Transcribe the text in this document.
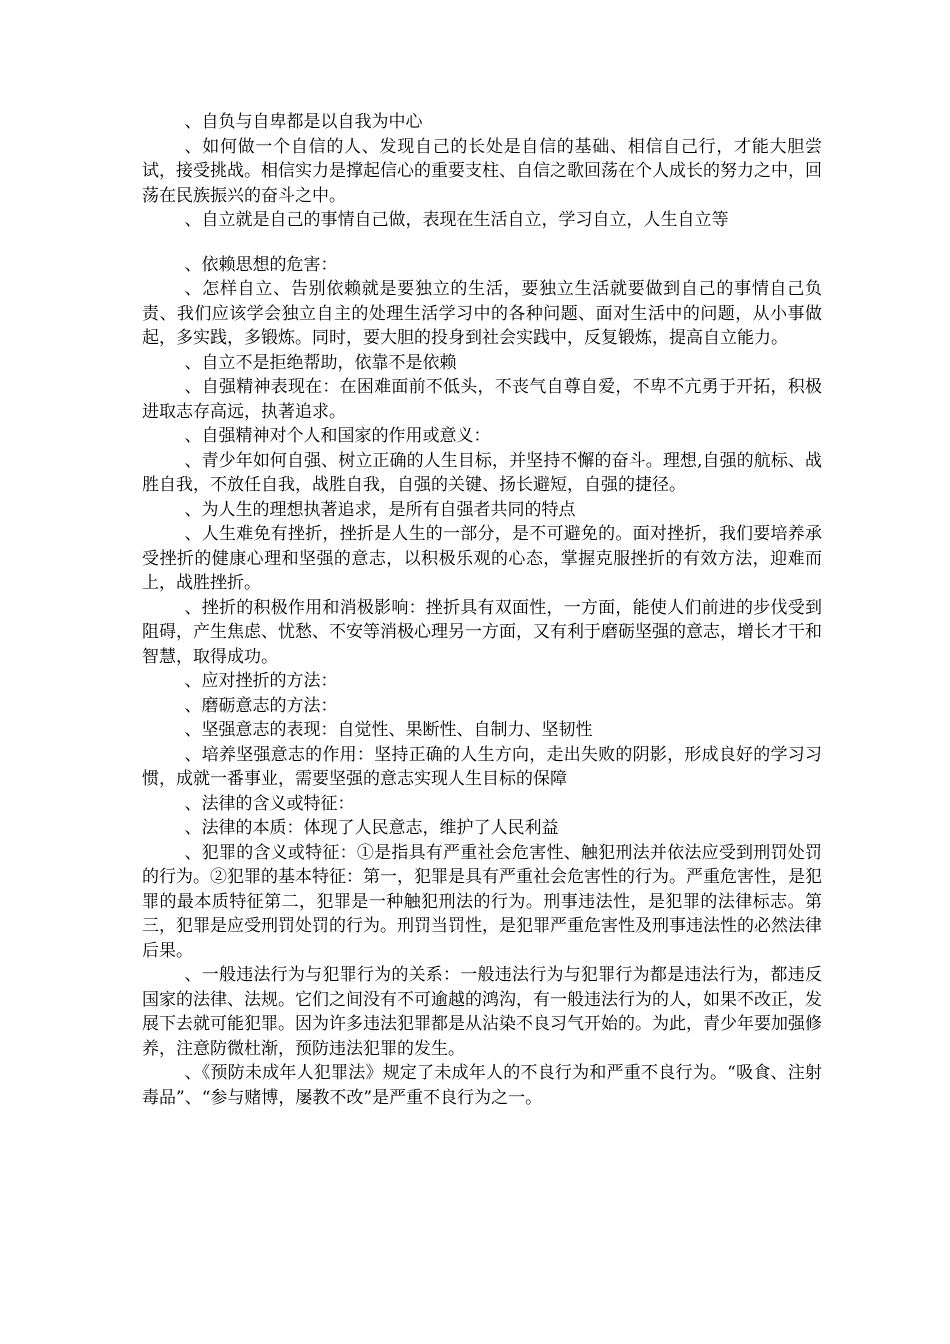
、自负与自卑都是以自我为中心

、如何做一个自信的人、发现自己的长处是自信的基础、相信自己行，才能大胆尝试，接受挑战。相信实力是撑起信心的重要支柱、自信之歌回荡在个人成长的努力之中，回荡在民族振兴的奋斗之中。

、自立就是自己的事情自己做，表现在生活自立，学习自立，人生自立等

、依赖思想的危害：

、怎样自立、告别依赖就是要独立的生活，要独立生活就要做到自己的事情自己负责、我们应该学会独立自主的处理生活学习中的各种问题、面对生活中的问题，从小事做起，多实践，多锻炼。同时，要大胆的投身到社会实践中，反复锻炼，提高自立能力。

、自立不是拒绝帮助，依靠不是依赖

、自强精神表现在：在困难面前不低头，不丧气自尊自爱，不卑不亢勇于开拓，积极进取志存高远，执著追求。

、自强精神对个人和国家的作用或意义：

、青少年如何自强、树立正确的人生目标，并坚持不懈的奋斗。理想,自强的航标、战胜自我，不放任自我，战胜自我，自强的关键、扬长避短，自强的捷径。

、为人生的理想执著追求，是所有自强者共同的特点

、人生难免有挫折，挫折是人生的一部分，是不可避免的。面对挫折，我们要培养承受挫折的健康心理和坚强的意志，以积极乐观的心态，掌握克服挫折的有效方法，迎难而上，战胜挫折。

、挫折的积极作用和消极影响：挫折具有双面性，一方面，能使人们前进的步伐受到阻碍，产生焦虑、忧愁、不安等消极心理另一方面，又有利于磨砺坚强的意志，增长才干和智慧，取得成功。

、应对挫折的方法：

、磨砺意志的方法：

、坚强意志的表现：自觉性、果断性、自制力、坚韧性

、培养坚强意志的作用：坚持正确的人生方向，走出失败的阴影，形成良好的学习习惯，成就一番事业，需要坚强的意志实现人生目标的保障

、法律的含义或特征：

、法律的本质：体现了人民意志，维护了人民利益

、犯罪的含义或特征：①是指具有严重社会危害性、触犯刑法并依法应受到刑罚处罚的行为。②犯罪的基本特征：第一，犯罪是具有严重社会危害性的行为。严重危害性，是犯罪的最本质特征第二，犯罪是一种触犯刑法的行为。刑事违法性，是犯罪的法律标志。第三，犯罪是应受刑罚处罚的行为。刑罚当罚性，是犯罪严重危害性及刑事违法性的必然法律后果。

、一般违法行为与犯罪行为的关系：一般违法行为与犯罪行为都是违法行为，都违反国家的法律、法规。它们之间没有不可逾越的鸿沟，有一般违法行为的人，如果不改正，发展下去就可能犯罪。因为许多违法犯罪都是从沾染不良习气开始的。为此，青少年要加强修养，注意防微杜渐，预防违法犯罪的发生。

、《预防未成年人犯罪法》规定了未成年人的不良行为和严重不良行为。“吸食、注射毒品”、“参与赌博，屡教不改”是严重不良行为之一。
